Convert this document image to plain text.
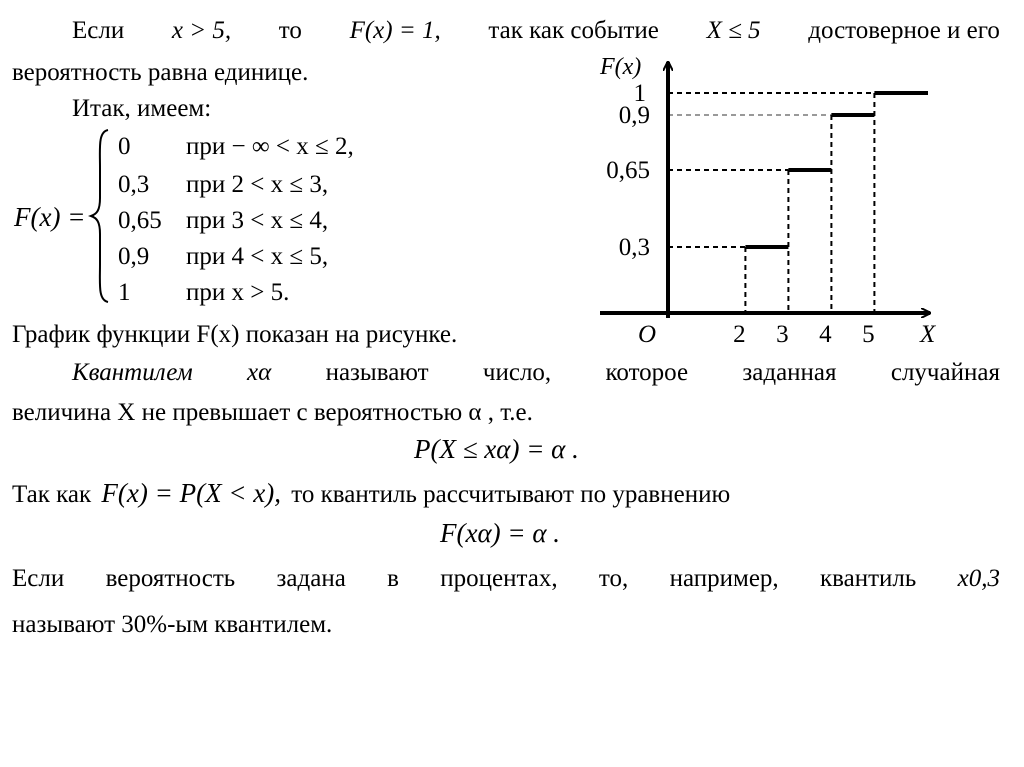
Если x > 5, то F(x) = 1, так как событие X ≤ 5 достоверное и его
вероятность равна единице.
Итак, имеем:
F(x) =
0 при − ∞ < x ≤ 2,
0,3 при 2 < x ≤ 3,
0,65 при 3 < x ≤ 4,
0,9 при 4 < x ≤ 5,
1 при x > 5.
F(x)
X
O
0,3
0,65
0,9
1
2 3 4 5
График функции F(x) показан на рисунке.
Квантилем xα называют число, которое заданная случайная
величина X не превышает с вероятностью α , т.е.
P(X ≤ xα) = α .
Так как F(x) = P(X < x), то квантиль рассчитывают по уравнению
F(xα) = α .
Если вероятность задана в процентах, то, например, квантиль x0,3
называют 30%-ым квантилем.
